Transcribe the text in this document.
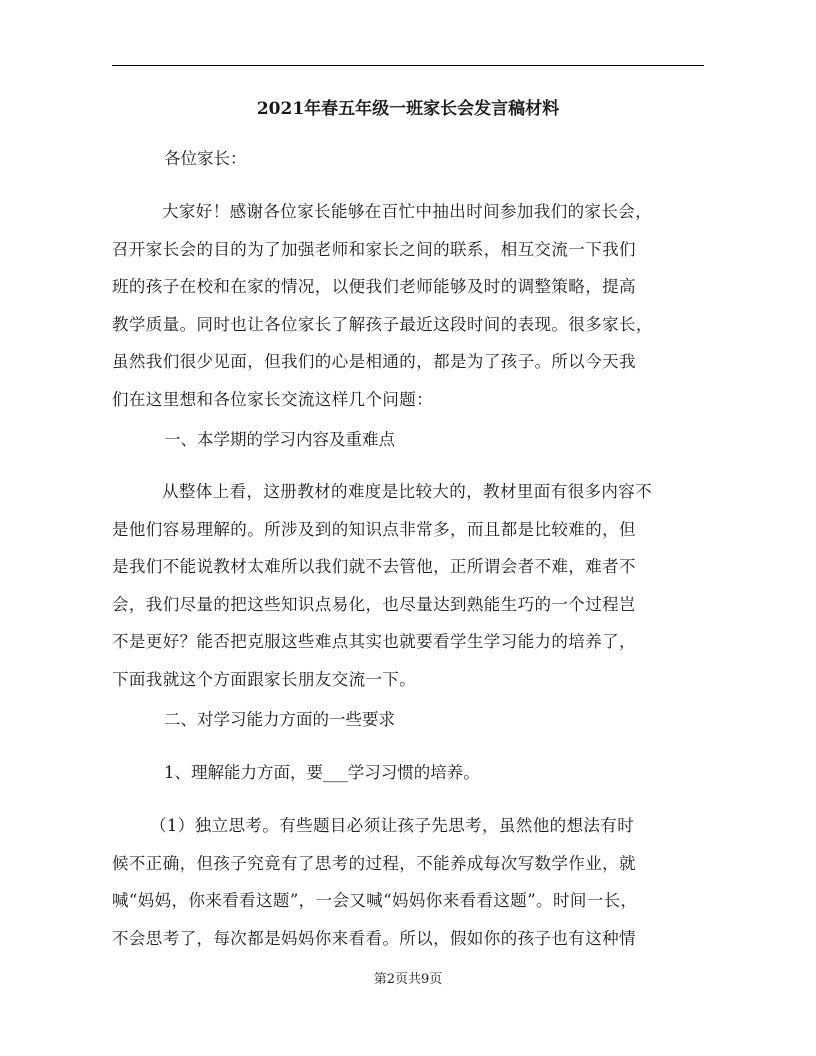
2021年春五年级一班家长会发言稿材料
各位家长：
大家好！感谢各位家长能够在百忙中抽出时间参加我们的家长会，
召开家长会的目的为了加强老师和家长之间的联系，相互交流一下我们
班的孩子在校和在家的情况，以便我们老师能够及时的调整策略，提高
教学质量。同时也让各位家长了解孩子最近这段时间的表现。很多家长，
虽然我们很少见面，但我们的心是相通的，都是为了孩子。所以今天我
们在这里想和各位家长交流这样几个问题：
一、本学期的学习内容及重难点
从整体上看，这册教材的难度是比较大的，教材里面有很多内容不
是他们容易理解的。所涉及到的知识点非常多，而且都是比较难的，但
是我们不能说教材太难所以我们就不去管他，正所谓会者不难，难者不
会，我们尽量的把这些知识点易化，也尽量达到熟能生巧的一个过程岂
不是更好？能否把克服这些难点其实也就要看学生学习能力的培养了，
下面我就这个方面跟家长朋友交流一下。
二、对学习能力方面的一些要求
1、理解能力方面，要___学习习惯的培养。
（1）独立思考。有些题目必须让孩子先思考，虽然他的想法有时
候不正确，但孩子究竟有了思考的过程，不能养成每次写数学作业，就
喊“妈妈，你来看看这题”，一会又喊“妈妈你来看看这题”。时间一长，
不会思考了，每次都是妈妈你来看看。所以，假如你的孩子也有这种情
第2页共9页
